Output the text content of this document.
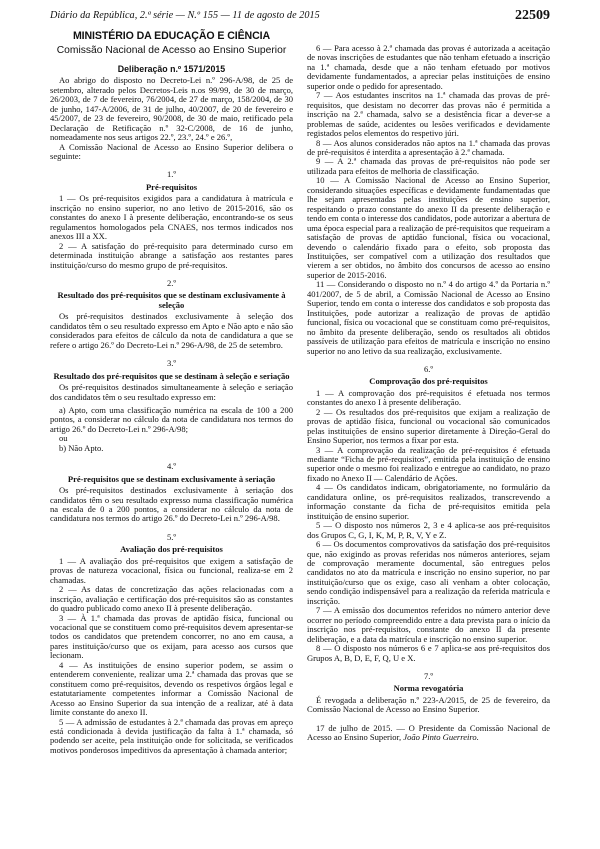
Diário da República, 2.ª série — N.º 155 — 11 de agosto de 2015	22509
MINISTÉRIO DA EDUCAÇÃO E CIÊNCIA
Comissão Nacional de Acesso ao Ensino Superior
Deliberação n.º 1571/2015

Ao abrigo do disposto no Decreto-Lei n.º 296-A/98, de 25 de setembro, alterado pelos Decretos-Leis n.os 99/99, de 30 de março, 26/2003, de 7 de fevereiro, 76/2004, de 27 de março, 158/2004, de 30 de junho, 147-A/2006, de 31 de julho, 40/2007, de 20 de fevereiro e 45/2007, de 23 de fevereiro, 90/2008, de 30 de maio, retificado pela Declaração de Retificação n.º 32-C/2008, de 16 de junho, nomeadamente nos seus artigos 22.º, 23.º, 24.º e 26.º,

A Comissão Nacional de Acesso ao Ensino Superior delibera o seguinte:

1.º
Pré-requisitos

1 — Os pré-requisitos exigidos para a candidatura à matrícula e inscrição no ensino superior, no ano letivo de 2015-2016, são os constantes do anexo I à presente deliberação, encontrando-se os seus regulamentos homologados pela CNAES, nos termos indicados nos anexos III a XX.

2 — A satisfação do pré-requisito para determinado curso em determinada instituição abrange a satisfação aos restantes pares instituição/curso do mesmo grupo de pré-requisitos.

2.º
Resultado dos pré-requisitos que se destinam exclusivamente à seleção

Os pré-requisitos destinados exclusivamente à seleção dos candidatos têm o seu resultado expresso em Apto e Não apto e não são considerados para efeitos de cálculo da nota de candidatura a que se refere o artigo 26.º do Decreto-Lei n.º 296-A/98, de 25 de setembro.

3.º
Resultado dos pré-requisitos que se destinam à seleção e seriação

Os pré-requisitos destinados simultaneamente à seleção e seriação dos candidatos têm o seu resultado expresso em:

a) Apto, com uma classificação numérica na escala de 100 a 200 pontos, a considerar no cálculo da nota de candidatura nos termos do artigo 26.º do Decreto-Lei n.º 296-A/98;

ou

b) Não Apto.

4.º
Pré-requisitos que se destinam exclusivamente à seriação

Os pré-requisitos destinados exclusivamente à seriação dos candidatos têm o seu resultado expresso numa classificação numérica na escala de 0 a 200 pontos, a considerar no cálculo da nota de candidatura nos termos do artigo 26.º do Decreto-Lei n.º 296-A/98.

5.º
Avaliação dos pré-requisitos

1 — A avaliação dos pré-requisitos que exigem a satisfação de provas de natureza vocacional, física ou funcional, realiza-se em 2 chamadas.

2 — As datas de concretização das ações relacionadas com a inscrição, avaliação e certificação dos pré-requisitos são as constantes do quadro publicado como anexo II à presente deliberação.

3 — À 1.ª chamada das provas de aptidão física, funcional ou vocacional que se constituem como pré-requisitos devem apresentar-se todos os candidatos que pretendem concorrer, no ano em causa, a pares instituição/curso que os exijam, para acesso aos cursos que lecionam.

4 — As instituições de ensino superior podem, se assim o entenderem conveniente, realizar uma 2.ª chamada das provas que se constituem como pré-requisitos, devendo os respetivos órgãos legal e estatutariamente competentes informar a Comissão Nacional de Acesso ao Ensino Superior da sua intenção de a realizar, até à data limite constante do anexo II.

5 — A admissão de estudantes à 2.ª chamada das provas em apreço está condicionada à devida justificação da falta à 1.ª chamada, só podendo ser aceite, pela instituição onde for solicitada, se verificados motivos ponderosos impeditivos da apresentação à chamada anterior;

6 — Para acesso à 2.ª chamada das provas é autorizada a aceitação de novas inscrições de estudantes que não tenham efetuado a inscrição na 1.ª chamada, desde que a não tenham efetuado por motivos devidamente fundamentados, a apreciar pelas instituições de ensino superior onde o pedido for apresentado.

7 — Aos estudantes inscritos na 1.ª chamada das provas de pré-requisitos, que desistam no decorrer das provas não é permitida a inscrição na 2.ª chamada, salvo se a desistência ficar a dever-se a problemas de saúde, acidentes ou lesões verificados e devidamente registados pelos elementos do respetivo júri.

8 — Aos alunos considerados não aptos na 1.ª chamada das provas de pré-requisitos é interdita a apresentação à 2.ª chamada.

9 — A 2.ª chamada das provas de pré-requisitos não pode ser utilizada para efeitos de melhoria de classificação.

10 — A Comissão Nacional de Acesso ao Ensino Superior, considerando situações específicas e devidamente fundamentadas que lhe sejam apresentadas pelas instituições de ensino superior, respeitando o prazo constante do anexo II da presente deliberação e tendo em conta o interesse dos candidatos, pode autorizar a abertura de uma época especial para a realização de pré-requisitos que requeiram a satisfação de provas de aptidão funcional, física ou vocacional, devendo o calendário fixado para o efeito, sob proposta das Instituições, ser compatível com a utilização dos resultados que vierem a ser obtidos, no âmbito dos concursos de acesso ao ensino superior de 2015-2016.

11 — Considerando o disposto no n.º 4 do artigo 4.º da Portaria n.º 401/2007, de 5 de abril, a Comissão Nacional de Acesso ao Ensino Superior, tendo em conta o interesse dos candidatos e sob proposta das Instituições, pode autorizar a realização de provas de aptidão funcional, física ou vocacional que se constituam como pré-requisitos, no âmbito da presente deliberação, sendo os resultados ali obtidos passíveis de utilização para efeitos de matrícula e inscrição no ensino superior no ano letivo da sua realização, exclusivamente.

6.º
Comprovação dos pré-requisitos

1 — A comprovação dos pré-requisitos é efetuada nos termos constantes do anexo I à presente deliberação.

2 — Os resultados dos pré-requisitos que exijam a realização de provas de aptidão física, funcional ou vocacional são comunicados pelas instituições de ensino superior diretamente à Direção-Geral do Ensino Superior, nos termos a fixar por esta.

3 — A comprovação da realização de pré-requisitos é efetuada mediante “Ficha de pré-requisitos”, emitida pela instituição de ensino superior onde o mesmo foi realizado e entregue ao candidato, no prazo fixado no Anexo II — Calendário de Ações.

4 — Os candidatos indicam, obrigatoriamente, no formulário da candidatura online, os pré-requisitos realizados, transcrevendo a informação constante da ficha de pré-requisitos emitida pela instituição de ensino superior.

5 — O disposto nos números 2, 3 e 4 aplica-se aos pré-requisitos dos Grupos C, G, I, K, M, P, R, V, Y e Z.

6 — Os documentos comprovativos da satisfação dos pré-requisitos que, não exigindo as provas referidas nos números anteriores, sejam de comprovação meramente documental, são entregues pelos candidatos no ato da matrícula e inscrição no ensino superior, no par instituição/curso que os exige, caso ali venham a obter colocação, sendo condição indispensável para a realização da referida matrícula e inscrição.

7 — A emissão dos documentos referidos no número anterior deve ocorrer no período compreendido entre a data prevista para o início da inscrição nos pré-requisitos, constante do anexo II da presente deliberação, e a data da matrícula e inscrição no ensino superior.

8 — O disposto nos números 6 e 7 aplica-se aos pré-requisitos dos Grupos A, B, D, E, F, Q, U e X.

7.º
Norma revogatória

É revogada a deliberação n.º 223-A/2015, de 25 de fevereiro, da Comissão Nacional de Acesso ao Ensino Superior.

17 de julho de 2015. — O Presidente da Comissão Nacional de Acesso ao Ensino Superior, João Pinto Guerreiro.
